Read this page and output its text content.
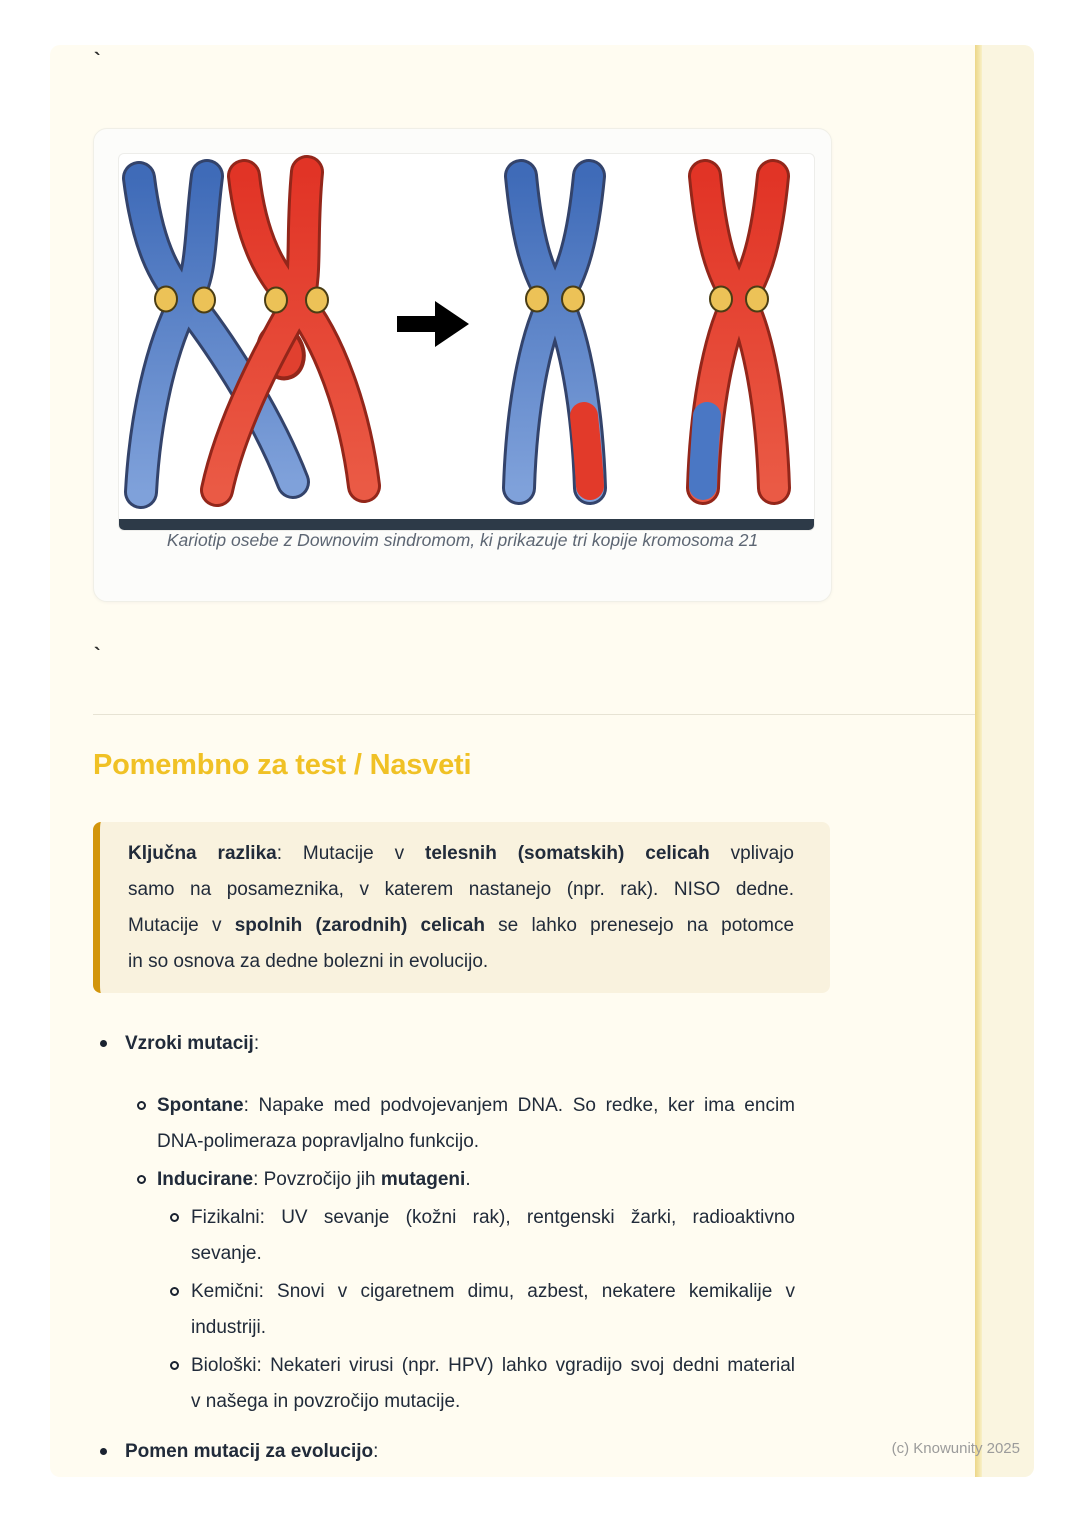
`
Kariotip osebe z Downovim sindromom, ki prikazuje tri kopije kromosoma 21
`
Pomembno za test / Nasveti
Ključna razlika: Mutacije v telesnih (somatskih) celicah vplivajo
samo na posameznika, v katerem nastanejo (npr. rak). NISO dedne.
Mutacije v spolnih (zarodnih) celicah se lahko prenesejo na potomce
in so osnova za dedne bolezni in evolucijo.
Vzroki mutacij:
Spontane: Napake med podvojevanjem DNA. So redke, ker ima encim
DNA-polimeraza popravljalno funkcijo.
Inducirane: Povzročijo jih mutageni.
Fizikalni: UV sevanje (kožni rak), rentgenski žarki, radioaktivno
sevanje.
Kemični: Snovi v cigaretnem dimu, azbest, nekatere kemikalije v
industriji.
Biološki: Nekateri virusi (npr. HPV) lahko vgradijo svoj dedni material
v našega in povzročijo mutacije.
Pomen mutacij za evolucijo:	(c) Knowunity 2025
